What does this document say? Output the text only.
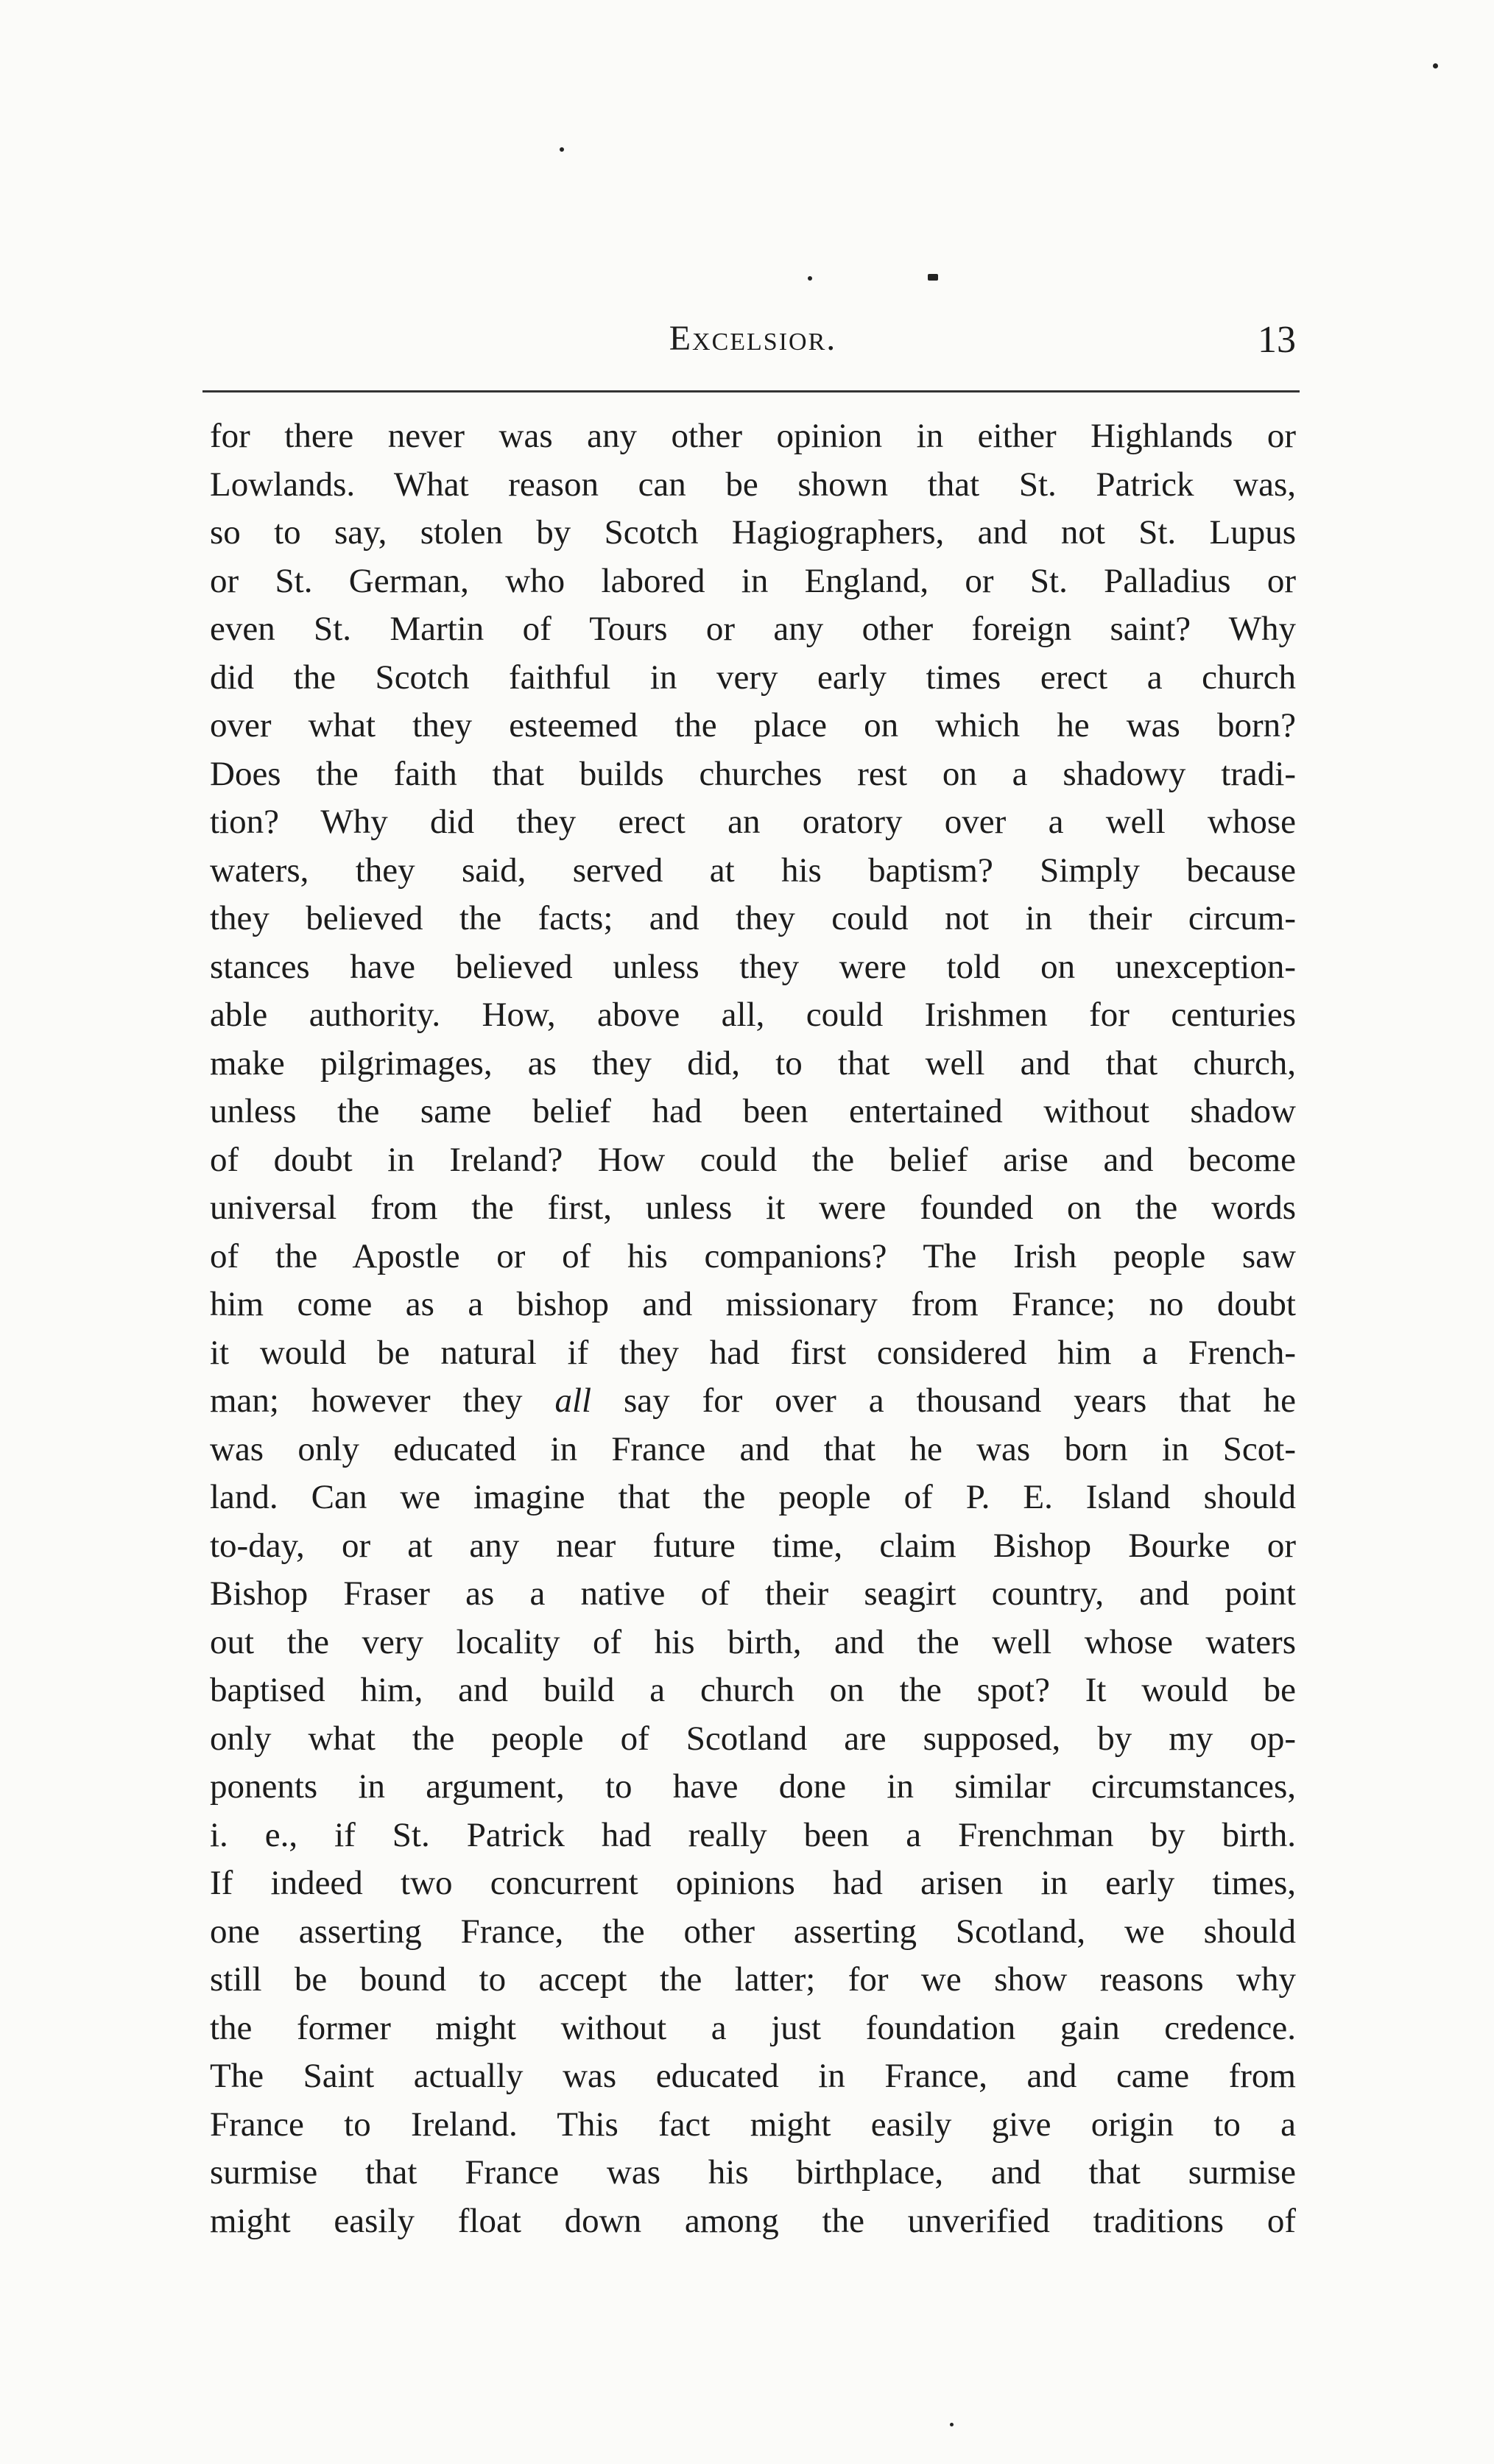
Excelsior.	13
for there never was any other opinion in either Highlands or
Lowlands. What reason can be shown that St. Patrick was,
so to say, stolen by Scotch Hagiographers, and not St. Lupus
or St. German, who labored in England, or St. Palladius or
even St. Martin of Tours or any other foreign saint? Why
did the Scotch faithful in very early times erect a church
over what they esteemed the place on which he was born?
Does the faith that builds churches rest on a shadowy tradi-
tion? Why did they erect an oratory over a well whose
waters, they said, served at his baptism? Simply because
they believed the facts; and they could not in their circum-
stances have believed unless they were told on unexception-
able authority. How, above all, could Irishmen for centuries
make pilgrimages, as they did, to that well and that church,
unless the same belief had been entertained without shadow
of doubt in Ireland? How could the belief arise and become
universal from the first, unless it were founded on the words
of the Apostle or of his companions? The Irish people saw
him come as a bishop and missionary from France; no doubt
it would be natural if they had first considered him a French-
man; however they all say for over a thousand years that he
was only educated in France and that he was born in Scot-
land. Can we imagine that the people of P. E. Island should
to-day, or at any near future time, claim Bishop Bourke or
Bishop Fraser as a native of their seagirt country, and point
out the very locality of his birth, and the well whose waters
baptised him, and build a church on the spot? It would be
only what the people of Scotland are supposed, by my op-
ponents in argument, to have done in similar circumstances,
i. e., if St. Patrick had really been a Frenchman by birth.
If indeed two concurrent opinions had arisen in early times,
one asserting France, the other asserting Scotland, we should
still be bound to accept the latter; for we show reasons why
the former might without a just foundation gain credence.
The Saint actually was educated in France, and came from
France to Ireland. This fact might easily give origin to a
surmise that France was his birthplace, and that surmise
might easily float down among the unverified traditions of
